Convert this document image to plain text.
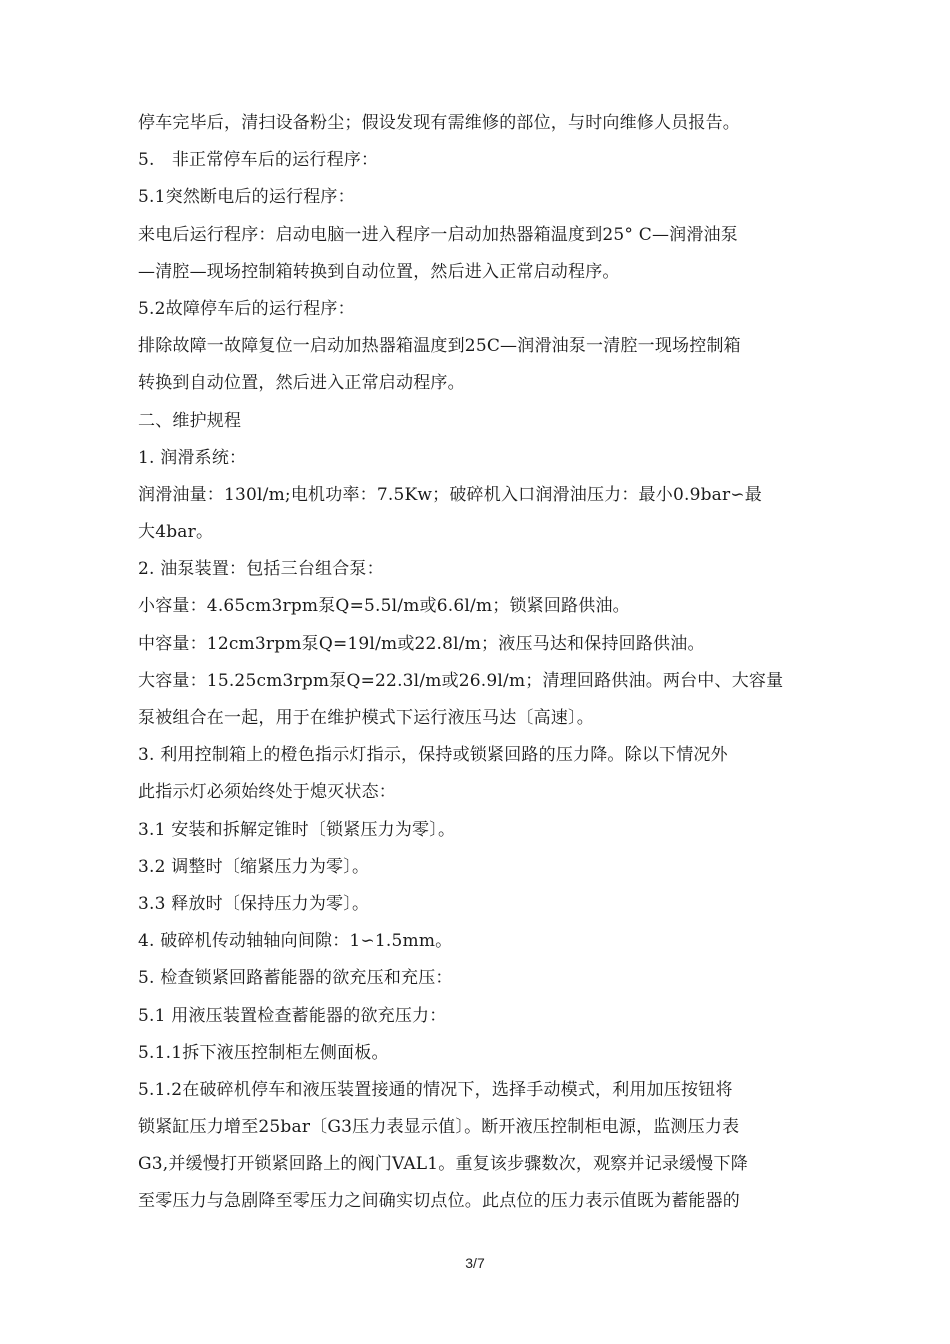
停车完毕后，清扫设备粉尘；假设发现有需维修的部位，与时向维修人员报告。
5.　非正常停车后的运行程序：
5.1突然断电后的运行程序：
来电后运行程序：启动电脑一进入程序一启动加热器箱温度到25° C—润滑油泵
—清腔—现场控制箱转换到自动位置，然后进入正常启动程序。
5.2故障停车后的运行程序：
排除故障一故障复位一启动加热器箱温度到25C—润滑油泵一清腔一现场控制箱
转换到自动位置，然后进入正常启动程序。
二、维护规程
1. 润滑系统：
润滑油量：130l/m;电机功率：7.5Kw；破碎机入口润滑油压力：最小0.9bar∽最
大4bar。
2. 油泵装置：包括三台组合泵：
小容量：4.65cm3rpm泵Q=5.5l/m或6.6l/m；锁紧回路供油。
中容量：12cm3rpm泵Q=19l/m或22.8l/m；液压马达和保持回路供油。
大容量：15.25cm3rpm泵Q=22.3l/m或26.9l/m；清理回路供油。两台中、大容量
泵被组合在一起，用于在维护模式下运行液压马达〔高速〕。
3. 利用控制箱上的橙色指示灯指示，保持或锁紧回路的压力降。除以下情况外
此指示灯必须始终处于熄灭状态：
3.1 安装和拆解定锥时〔锁紧压力为零〕。
3.2 调整时〔缩紧压力为零〕。
3.3 释放时〔保持压力为零〕。
4. 破碎机传动轴轴向间隙：1∽1.5mm。
5. 检查锁紧回路蓄能器的欲充压和充压：
5.1 用液压装置检查蓄能器的欲充压力：
5.1.1拆下液压控制柜左侧面板。
5.1.2在破碎机停车和液压装置接通的情况下，选择手动模式，利用加压按钮将
锁紧缸压力增至25bar〔G3压力表显示值〕。断开液压控制柜电源，监测压力表
G3,并缓慢打开锁紧回路上的阀门VAL1。重复该步骤数次，观察并记录缓慢下降
至零压力与急剧降至零压力之间确实切点位。此点位的压力表示值既为蓄能器的
3/7
